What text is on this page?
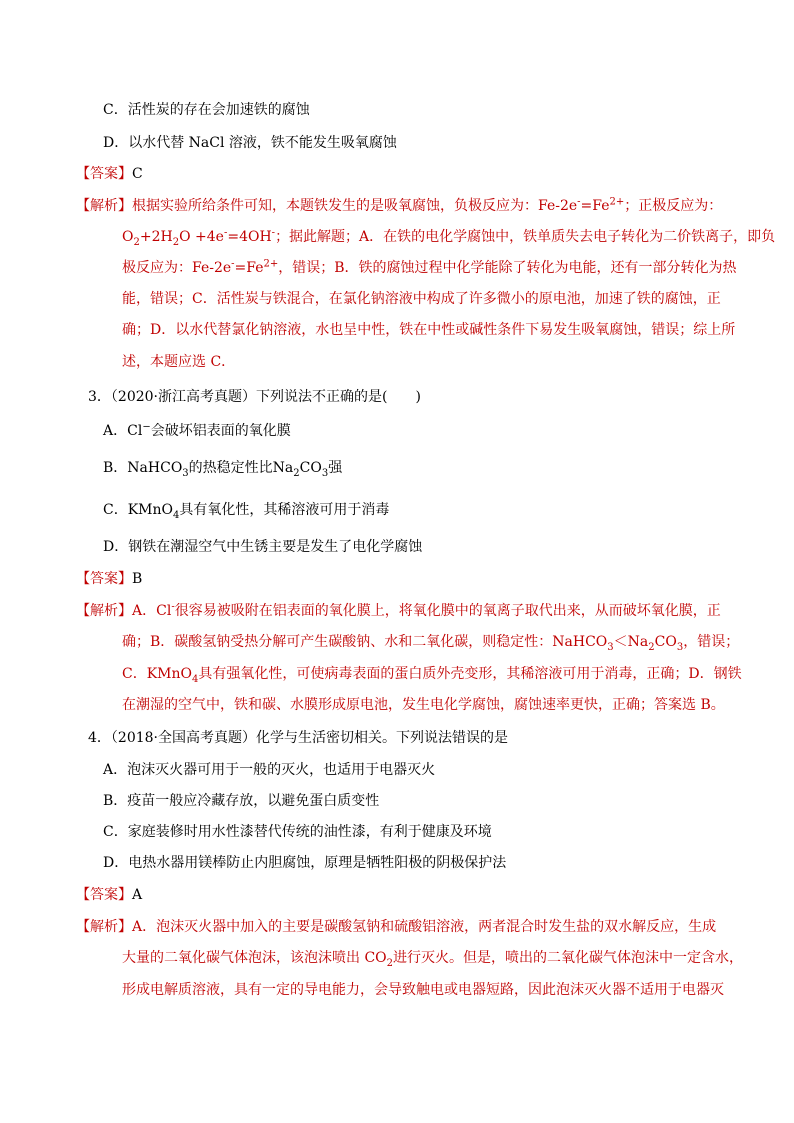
C．活性炭的存在会加速铁的腐蚀
D．以水代替 NaCl 溶液，铁不能发生吸氧腐蚀
【答案】C
【解析】根据实验所给条件可知，本题铁发生的是吸氧腐蚀，负极反应为：$Fe-2e^-=Fe^{2+}$；正极反应为：
$O_2+2H_2O +4e^-=4OH^-$；据此解题；A．在铁的电化学腐蚀中，铁单质失去电子转化为二价铁离子，即负
极反应为：$Fe-2e^-=Fe^{2+}$，错误；B．铁的腐蚀过程中化学能除了转化为电能，还有一部分转化为热
能，错误；C．活性炭与铁混合，在氯化钠溶液中构成了许多微小的原电池，加速了铁的腐蚀，正
确；D．以水代替氯化钠溶液，水也呈中性，铁在中性或碱性条件下易发生吸氧腐蚀，错误；综上所
述，本题应选 C．
3．（2020·浙江高考真题）下列说法不正确的是(　　)
A．Cl−会破坏铝表面的氧化膜
B．NaHCO$_3$的热稳定性比$Na_2CO_3$强
C．KMnO$_4$具有氧化性，其稀溶液可用于消毒
D．钢铁在潮湿空气中生锈主要是发生了电化学腐蚀
【答案】B
【解析】A．Cl-很容易被吸附在铝表面的氧化膜上，将氧化膜中的氧离子取代出来，从而破坏氧化膜，正
确；B．碳酸氢钠受热分解可产生碳酸钠、水和二氧化碳，则稳定性：$NaHCO_3<Na_2CO_3$，错误；
C．KMnO$_4$具有强氧化性，可使病毒表面的蛋白质外壳变形，其稀溶液可用于消毒，正确；D．钢铁
在潮湿的空气中，铁和碳、水膜形成原电池，发生电化学腐蚀，腐蚀速率更快，正确；答案选 B。
4．（2018·全国高考真题）化学与生活密切相关。下列说法错误的是
A．泡沫灭火器可用于一般的灭火，也适用于电器灭火
B．疫苗一般应冷藏存放，以避免蛋白质变性
C．家庭装修时用水性漆替代传统的油性漆，有利于健康及环境
D．电热水器用镁棒防止内胆腐蚀，原理是牺牲阳极的阴极保护法
【答案】A
【解析】A．泡沫灭火器中加入的主要是碳酸氢钠和硫酸铝溶液，两者混合时发生盐的双水解反应，生成
大量的二氧化碳气体泡沫，该泡沫喷出 $CO_2$进行灭火。但是，喷出的二氧化碳气体泡沫中一定含水，
形成电解质溶液，具有一定的导电能力，会导致触电或电器短路，因此泡沫灭火器不适用于电器灭
